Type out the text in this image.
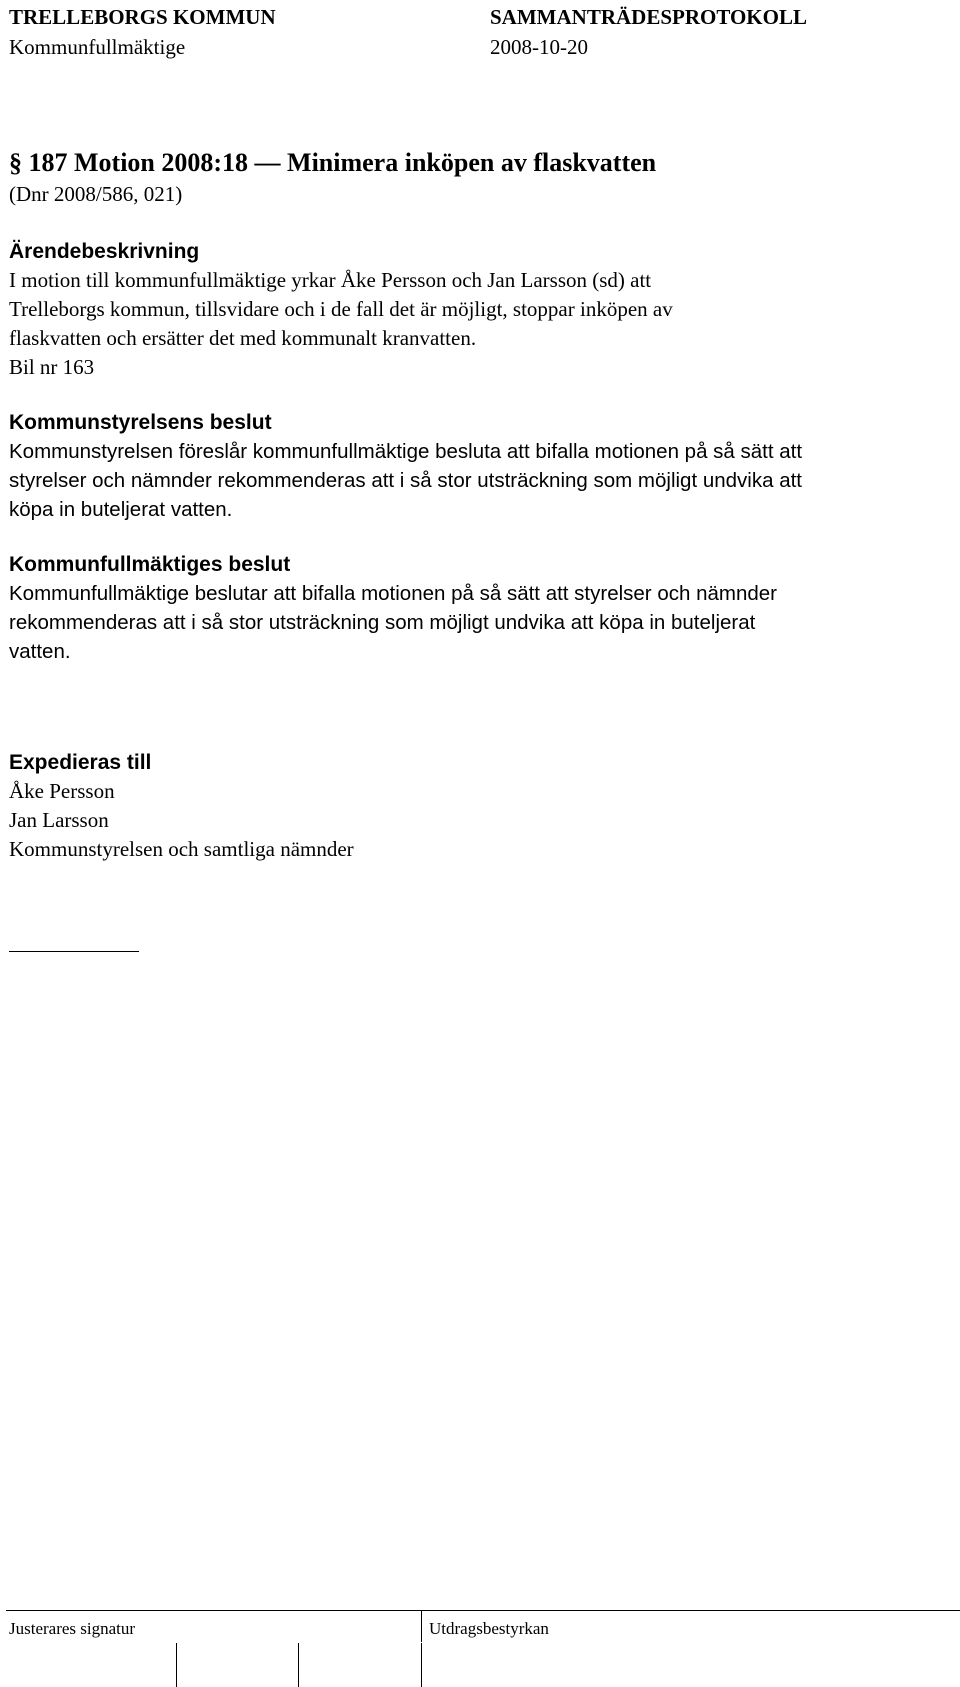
TRELLEBORGS KOMMUN	SAMMANTRÄDESPROTOKOLL
Kommunfullmäktige	2008-10-20
§ 187 Motion 2008:18 — Minimera inköpen av flaskvatten

(Dnr 2008/586, 021)

Ärendebeskrivning

I motion till kommunfullmäktige yrkar Åke Persson och Jan Larsson (sd) att

Trelleborgs kommun, tillsvidare och i de fall det är möjligt, stoppar inköpen av

flaskvatten och ersätter det med kommunalt kranvatten.

Bil nr 163

Kommunstyrelsens beslut

Kommunstyrelsen föreslår kommunfullmäktige besluta att bifalla motionen på så sätt att

styrelser och nämnder rekommenderas att i så stor utsträckning som möjligt undvika att

köpa in buteljerat vatten.

Kommunfullmäktiges beslut

Kommunfullmäktige beslutar att bifalla motionen på så sätt att styrelser och nämnder

rekommenderas att i så stor utsträckning som möjligt undvika att köpa in buteljerat

vatten.

Expedieras till

Åke Persson

Jan Larsson

Kommunstyrelsen och samtliga nämnder

Justerares signatur	Utdragsbestyrkan
